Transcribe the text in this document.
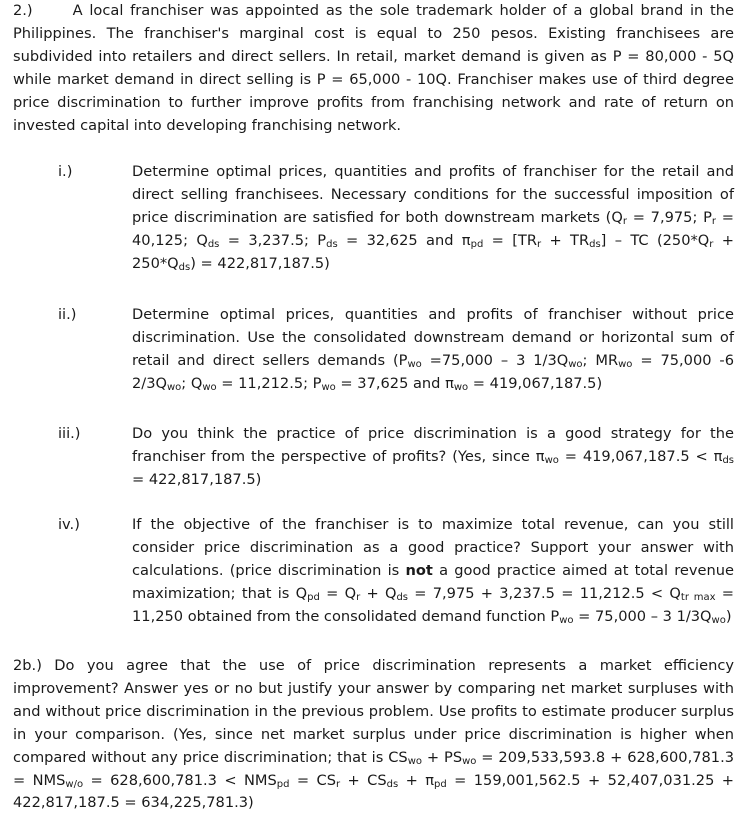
2.)	A local franchiser was appointed as the sole trademark holder of a global brand in the Philippines. The franchiser's marginal cost is equal to 250 pesos. Existing franchisees are subdivided into retailers and direct sellers. In retail, market demand is given as P = 80,000 - 5Q while market demand in direct selling is P = 65,000 - 10Q. Franchiser makes use of third degree price discrimination to further improve profits from franchising network and rate of return on invested capital into developing franchising network.

i.)	Determine optimal prices, quantities and profits of franchiser for the retail and direct selling franchisees. Necessary conditions for the successful imposition of price discrimination are satisfied for both downstream markets ($Q_r = 7,975$; $P_r = 40,125$; $Q_{ds} = 3,237.5$; $P_{ds} = 32,625$ and $\pi_{pd} = [TR_r + TR_{ds}]$ – TC $(250*Q_r + 250*Q_{ds}) = 422,817,187.5$)

ii.)	Determine optimal prices, quantities and profits of franchiser without price discrimination. Use the consolidated downstream demand or horizontal sum of retail and direct sellers demands ($P_{wo} =75,000 - 3$ $1/3Q_{wo}$; $MR_{wo} = 75,000$ -6 $2/3Q_{wo}$; $Q_{wo} = 11,212.5$; $P_{wo} = 37,625$ and $\pi_{wo} = 419,067,187.5$)

iii.)	Do you think the practice of price discrimination is a good strategy for the franchiser from the perspective of profits? (Yes, since $\pi_{wo} = 419,067,187.5 < \pi_{ds} = 422,817,187.5$)

iv.)	If the objective of the franchiser is to maximize total revenue, can you still consider price discrimination as a good practice? Support your answer with calculations. (price discrimination is not a good practice aimed at total revenue maximization; that is $Q_{pd} = Q_r + Q_{ds} = 7,975 + 3,237.5 = 11,212.5 < Q_{tr max} = 11,250$ obtained from the consolidated demand function $P_{wo} = 75,000 - 3$ $1/3Q_{wo}$)

2b.) Do you agree that the use of price discrimination represents a market efficiency improvement? Answer yes or no but justify your answer by comparing net market surpluses with and without price discrimination in the previous problem. Use profits to estimate producer surplus in your comparison. (Yes, since net market surplus under price discrimination is higher when compared without any price discrimination; that is $CS_{wo} + PS_{wo} = 209,533,593.8 + 628,600,781.3 = NMS_{w/o} = 628,600,781.3 < NMS_{pd} = CS_r + CS_{ds} + \pi_{pd} = 159,001,562.5 + 52,407,031.25 + 422,817,187.5 = 634,225,781.3$)
